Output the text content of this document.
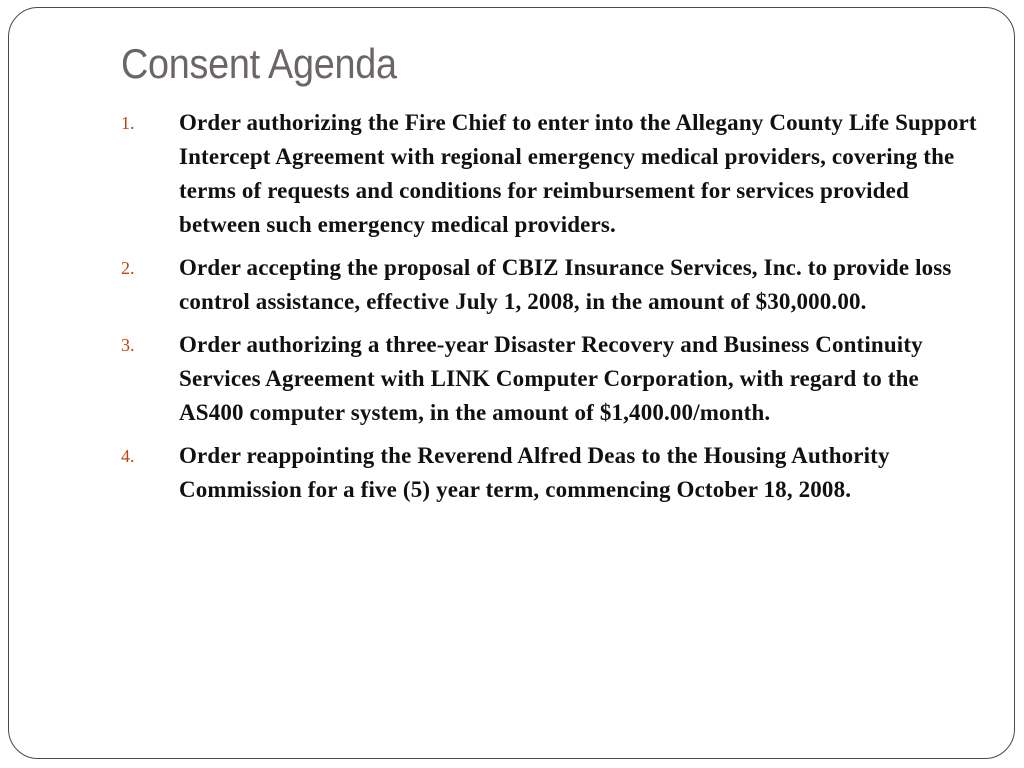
Consent Agenda
1.	Order authorizing the Fire Chief to enter into the Allegany County Life Support Intercept Agreement with regional emergency medical providers, covering the terms of requests and conditions for reimbursement for services provided between such emergency medical providers.
2.	Order accepting the proposal of CBIZ Insurance Services, Inc. to provide loss control assistance, effective July 1, 2008, in the amount of $30,000.00.
3.	Order authorizing a three-year Disaster Recovery and Business Continuity Services Agreement with LINK Computer Corporation, with regard to the AS400 computer system, in the amount of $1,400.00/month.
4.	Order reappointing the Reverend Alfred Deas to the Housing Authority Commission for a five (5) year term, commencing October 18, 2008.
